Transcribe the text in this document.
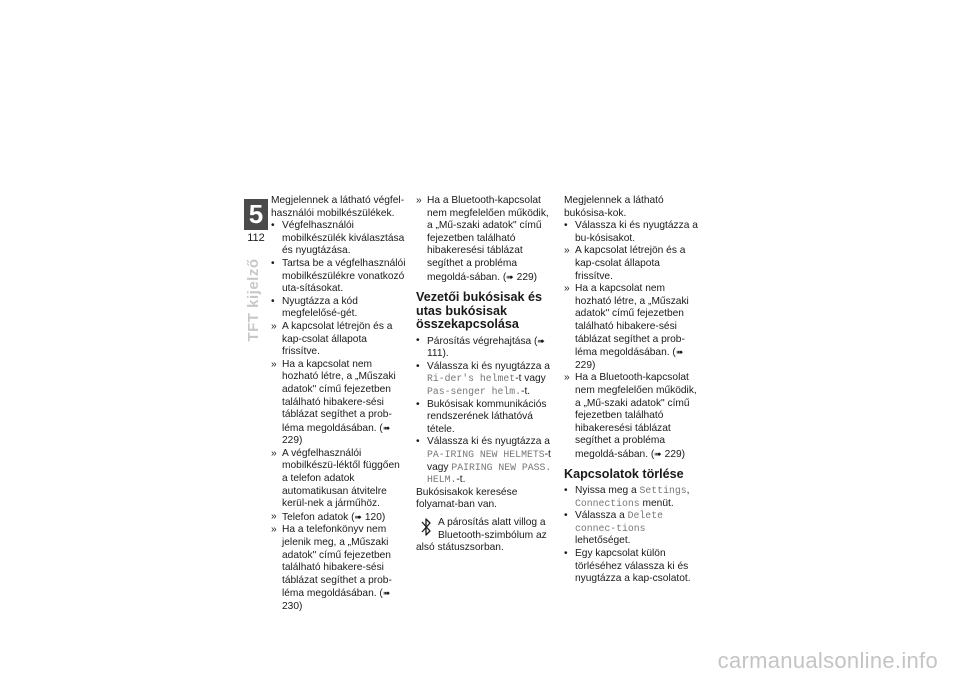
5
112
TFT kijelző

Megjelennek a látható végfel-használói mobilkészülékek.

• Végfelhasználói mobilkészülék kiválasztása és nyugtázása.
• Tartsa be a végfelhasználói mobilkészülékre vonatkozó uta-sításokat.
• Nyugtázza a kód megfelelősé-gét.
» A kapcsolat létrejön és a kap-csolat állapota frissítve.
» Ha a kapcsolat nem hozható létre, a „Műszaki adatok" című fejezetben található hibakere-sési táblázat segíthet a prob-léma megoldásában. (➠ 229)
» A végfelhasználói mobilkészü-léktől függően a telefon adatok automatikusan átvitelre kerül-nek a járműhöz.
» Telefon adatok (➠ 120)
» Ha a telefonkönyv nem jelenik meg, a „Műszaki adatok" című fejezetben található hibakere-sési táblázat segíthet a prob-léma megoldásában. (➠ 230)
» Ha a Bluetooth-kapcsolat nem megfelelően működik, a „Mű-szaki adatok" című fejezetben található hibakeresési táblázat segíthet a probléma megoldá-sában. (➠ 229)
Vezetői bukósisak és utas bukósisak összekapcsolása
• Párosítás végrehajtása (➠ 111).
• Válassza ki és nyugtázza a Ri-der's helmet-t vagy Pas-senger helm.-t.
• Bukósisak kommunikációs rendszerének láthatóvá tétele.
• Válassza ki és nyugtázza a PA-IRING NEW HELMETS-t vagy PAIRING NEW PASS. HELM.-t.

Bukósisakok keresése folyamat-ban van.

A párosítás alatt villog a Bluetooth-szimbólum az
alsó státuszsorban.

Megjelennek a látható bukósisa-kok.

• Válassza ki és nyugtázza a bu-kósisakot.
» A kapcsolat létrejön és a kap-csolat állapota frissítve.
» Ha a kapcsolat nem hozható létre, a „Műszaki adatok" című fejezetben található hibakere-sési táblázat segíthet a prob-léma megoldásában. (➠ 229)
» Ha a Bluetooth-kapcsolat nem megfelelően működik, a „Mű-szaki adatok" című fejezetben található hibakeresési táblázat segíthet a probléma megoldá-sában. (➠ 229)
Kapcsolatok törlése
• Nyissa meg a Settings, Connections menüt.
• Válassza a Delete connec-tions lehetőséget.
• Egy kapcsolat külön törléséhez válassza ki és nyugtázza a kap-csolatot.
carmanualsonline.info
